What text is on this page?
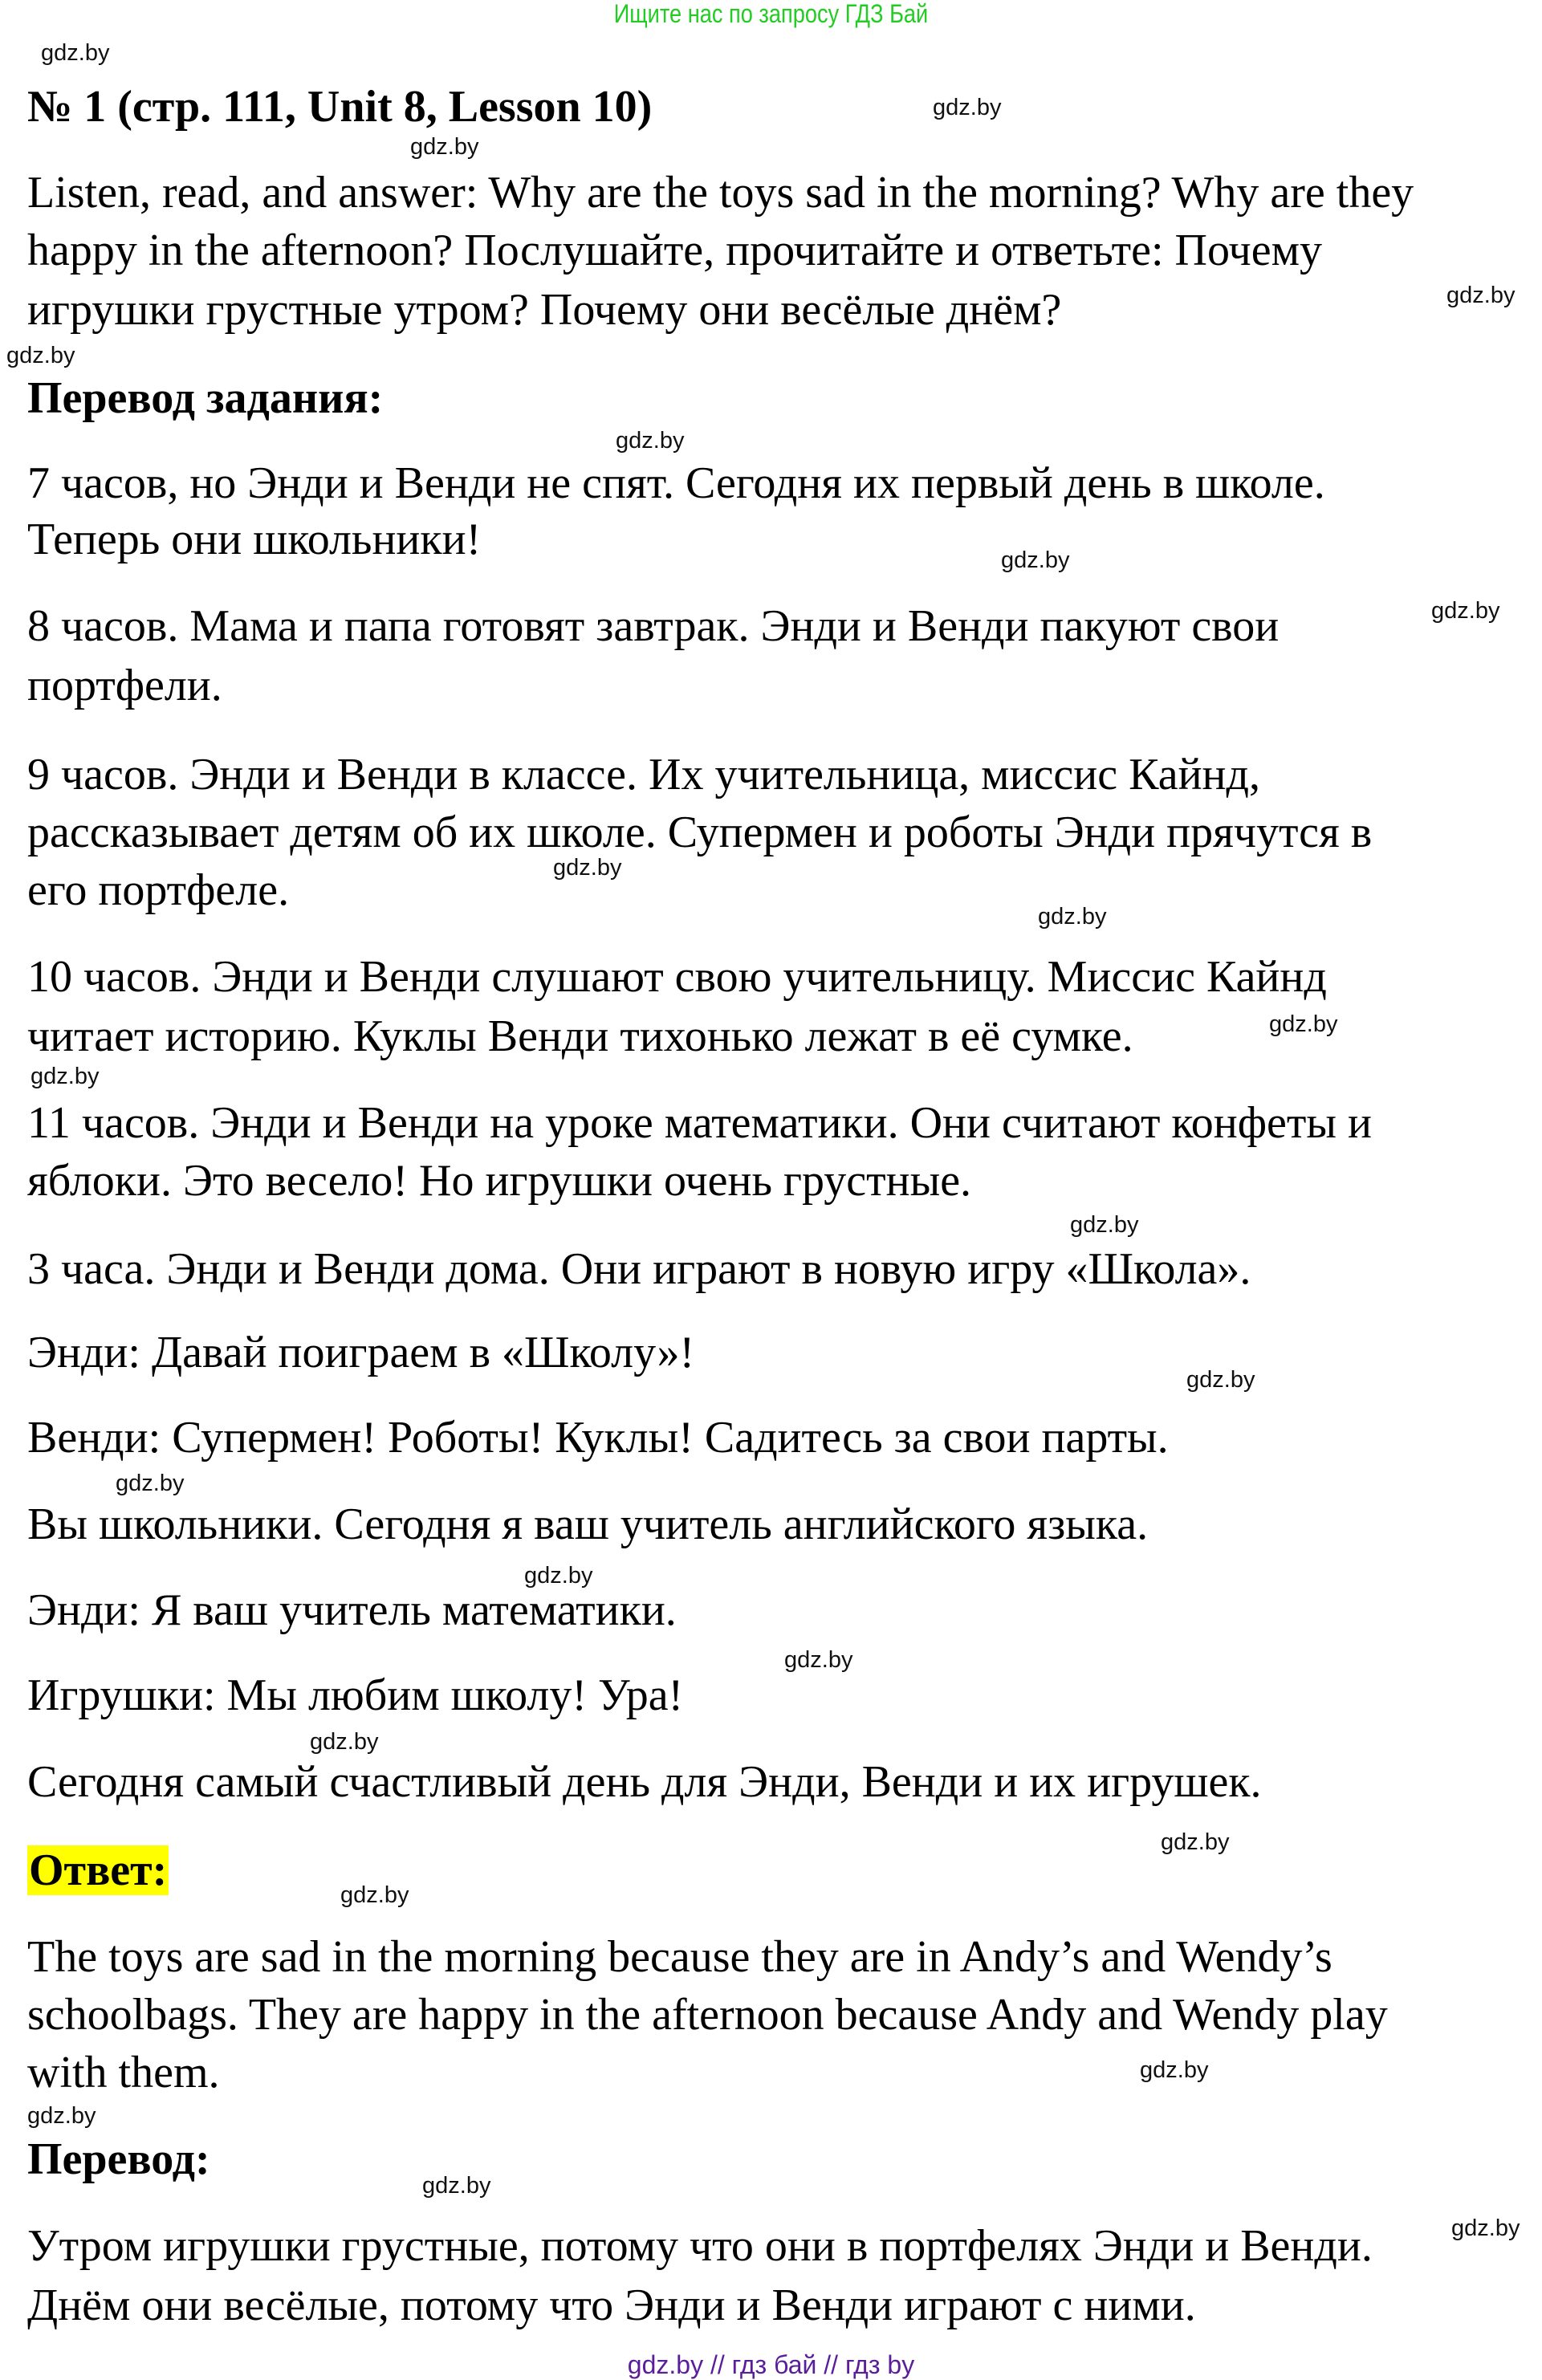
Ищите нас по запросу ГДЗ Бай
№ 1 (стр. 111, Unit 8, Lesson 10)
Listen, read, and answer: Why are the toys sad in the morning? Why are they
happy in the afternoon? Послушайте, прочитайте и ответьте: Почему
игрушки грустные утром? Почему они весёлые днём?
Перевод задания:
7 часов, но Энди и Венди не спят. Сегодня их первый день в школе.
Теперь они школьники!
8 часов. Мама и папа готовят завтрак. Энди и Венди пакуют свои
портфели.
9 часов. Энди и Венди в классе. Их учительница, миссис Кайнд,
рассказывает детям об их школе. Супермен и роботы Энди прячутся в
его портфеле.
10 часов. Энди и Венди слушают свою учительницу. Миссис Кайнд
читает историю. Куклы Венди тихонько лежат в её сумке.
11 часов. Энди и Венди на уроке математики. Они считают конфеты и
яблоки. Это весело! Но игрушки очень грустные.
3 часа. Энди и Венди дома. Они играют в новую игру «Школа».
Энди: Давай поиграем в «Школу»!
Венди: Супермен! Роботы! Куклы! Садитесь за свои парты.
Вы школьники. Сегодня я ваш учитель английского языка.
Энди: Я ваш учитель математики.
Игрушки: Мы любим школу! Ура!
Сегодня самый счастливый день для Энди, Венди и их игрушек.
Ответ:
The toys are sad in the morning because they are in Andy’s and Wendy’s
schoolbags. They are happy in the afternoon because Andy and Wendy play
with them.
Перевод:
Утром игрушки грустные, потому что они в портфелях Энди и Венди.
Днём они весёлые, потому что Энди и Венди играют с ними.
gdz.by
gdz.by
gdz.by
gdz.by
gdz.by
gdz.by
gdz.by
gdz.by
gdz.by
gdz.by
gdz.by
gdz.by
gdz.by
gdz.by
gdz.by
gdz.by
gdz.by
gdz.by
gdz.by
gdz.by
gdz.by
gdz.by
gdz.by
gdz.by
gdz.by // гдз бай // гдз by
